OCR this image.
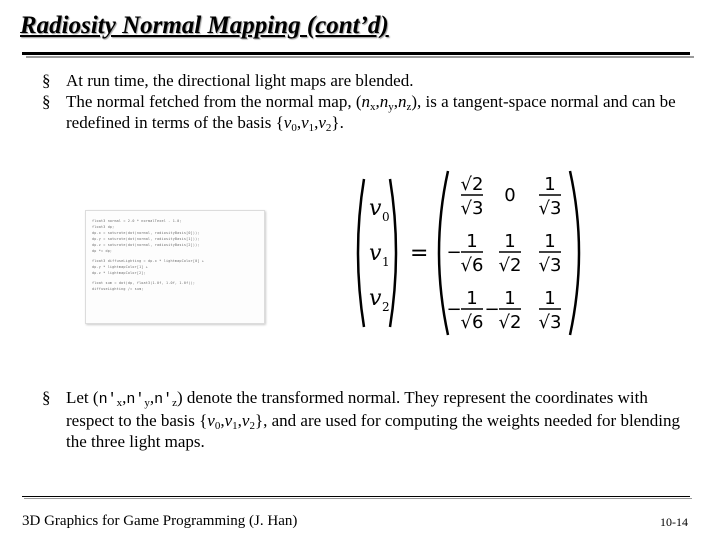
Radiosity Normal Mapping (cont’d)

§ At run time, the directional light maps are blended.

§ The normal fetched from the normal map, $(n_x,n_y,n_z)$, is a tangent-space normal and can be redefined in terms of the basis $\{v_0,v_1,v_2\}$.

float3 normal = 2.0 * normalTexel - 1.0;
float3 dp;
dp.x = saturate(dot(normal, radiosityBasis[0]));
dp.y = saturate(dot(normal, radiosityBasis[1]));
dp.z = saturate(dot(normal, radiosityBasis[2]));
dp *= dp;
float3 diffuseLighting = dp.x * lightmapColor[0] +
dp.y * lightmapColor[1] +
dp.z * lightmapColor[2];
float sum = dot(dp, float3(1.0f, 1.0f, 1.0f));
diffuseLighting /= sum;
v 0
v 1
v 2
=
√2
√3
0
1
√3
−
1
√6
1
√2
1
√3
−
1
√6
−
1
√2
1
√3

§ Let $(n'_x,n'_y,n'_z)$ denote the transformed normal. They represent the coordinates with respect to the basis $\{v_0,v_1,v_2\}$, and are used for computing the weights needed for blending the three light maps.

3D Graphics for Game Programming (J. Han)	10-14
